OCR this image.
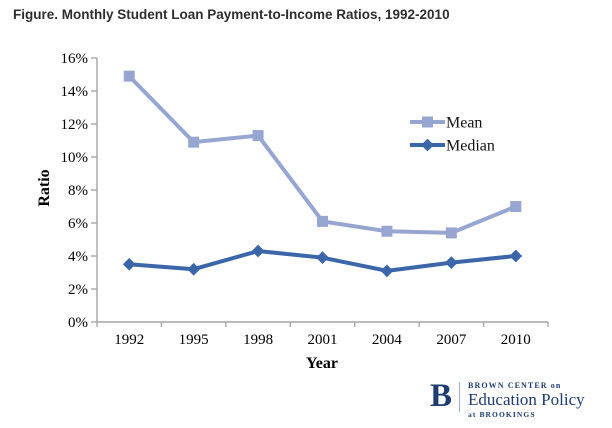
Figure. Monthly Student Loan Payment-to-Income Ratios, 1992-2010
0%
2%
4%
6%
8%
10%
12%
14%
16%
1992 1995 1998 2001 2004 2007 2010
Ratio
Year
Mean
Median
B BROWN CENTER on
Education Policy
at BROOKINGS
